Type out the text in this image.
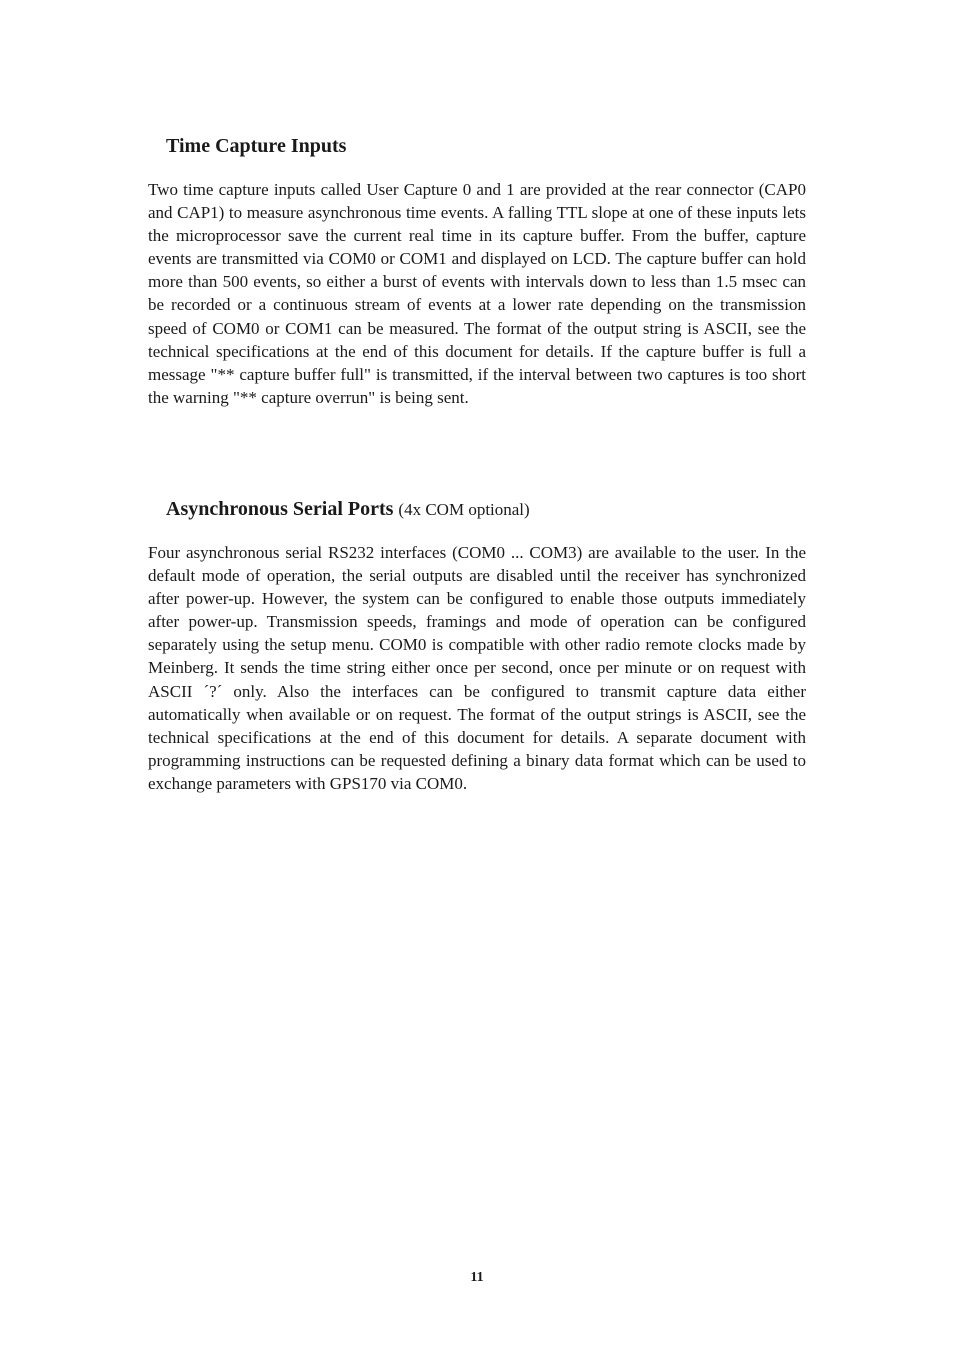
Time Capture Inputs

Two time capture inputs called User Capture 0 and 1 are provided at the rear connector (CAP0 and CAP1) to measure asynchronous time events. A falling TTL slope at one of these inputs lets the microprocessor save the current real time in its capture buffer. From the buffer, capture events are transmitted via COM0 or COM1 and displayed on LCD. The capture buffer can hold more than 500 events, so either a burst of events with intervals down to less than 1.5 msec can be recorded or a continuous stream of events at a lower rate depending on the transmission speed of COM0 or COM1 can be measured. The format of the output string is ASCII, see the technical specifications at the end of this document for details. If the capture buffer is full a message "** capture buffer full" is transmitted, if the interval between two captures is too short the warning "** capture overrun" is being sent.

Asynchronous Serial Ports (4x COM optional)

Four asynchronous serial RS232 interfaces (COM0 ... COM3) are available to the user. In the default mode of operation, the serial outputs are disabled until the receiver has synchronized after power-up. However, the system can be configured to enable those outputs immediately after power-up. Transmission speeds, framings and mode of operation can be configured separately using the setup menu. COM0 is compatible with other radio remote clocks made by Meinberg. It sends the time string either once per second, once per minute or on request with ASCII ´?´ only. Also the interfaces can be configured to transmit capture data either automatically when available or on request. The format of the output strings is ASCII, see the technical specifications at the end of this document for details. A separate document with programming instructions can be requested defining a binary data format which can be used to exchange parameters with GPS170 via COM0.

11
